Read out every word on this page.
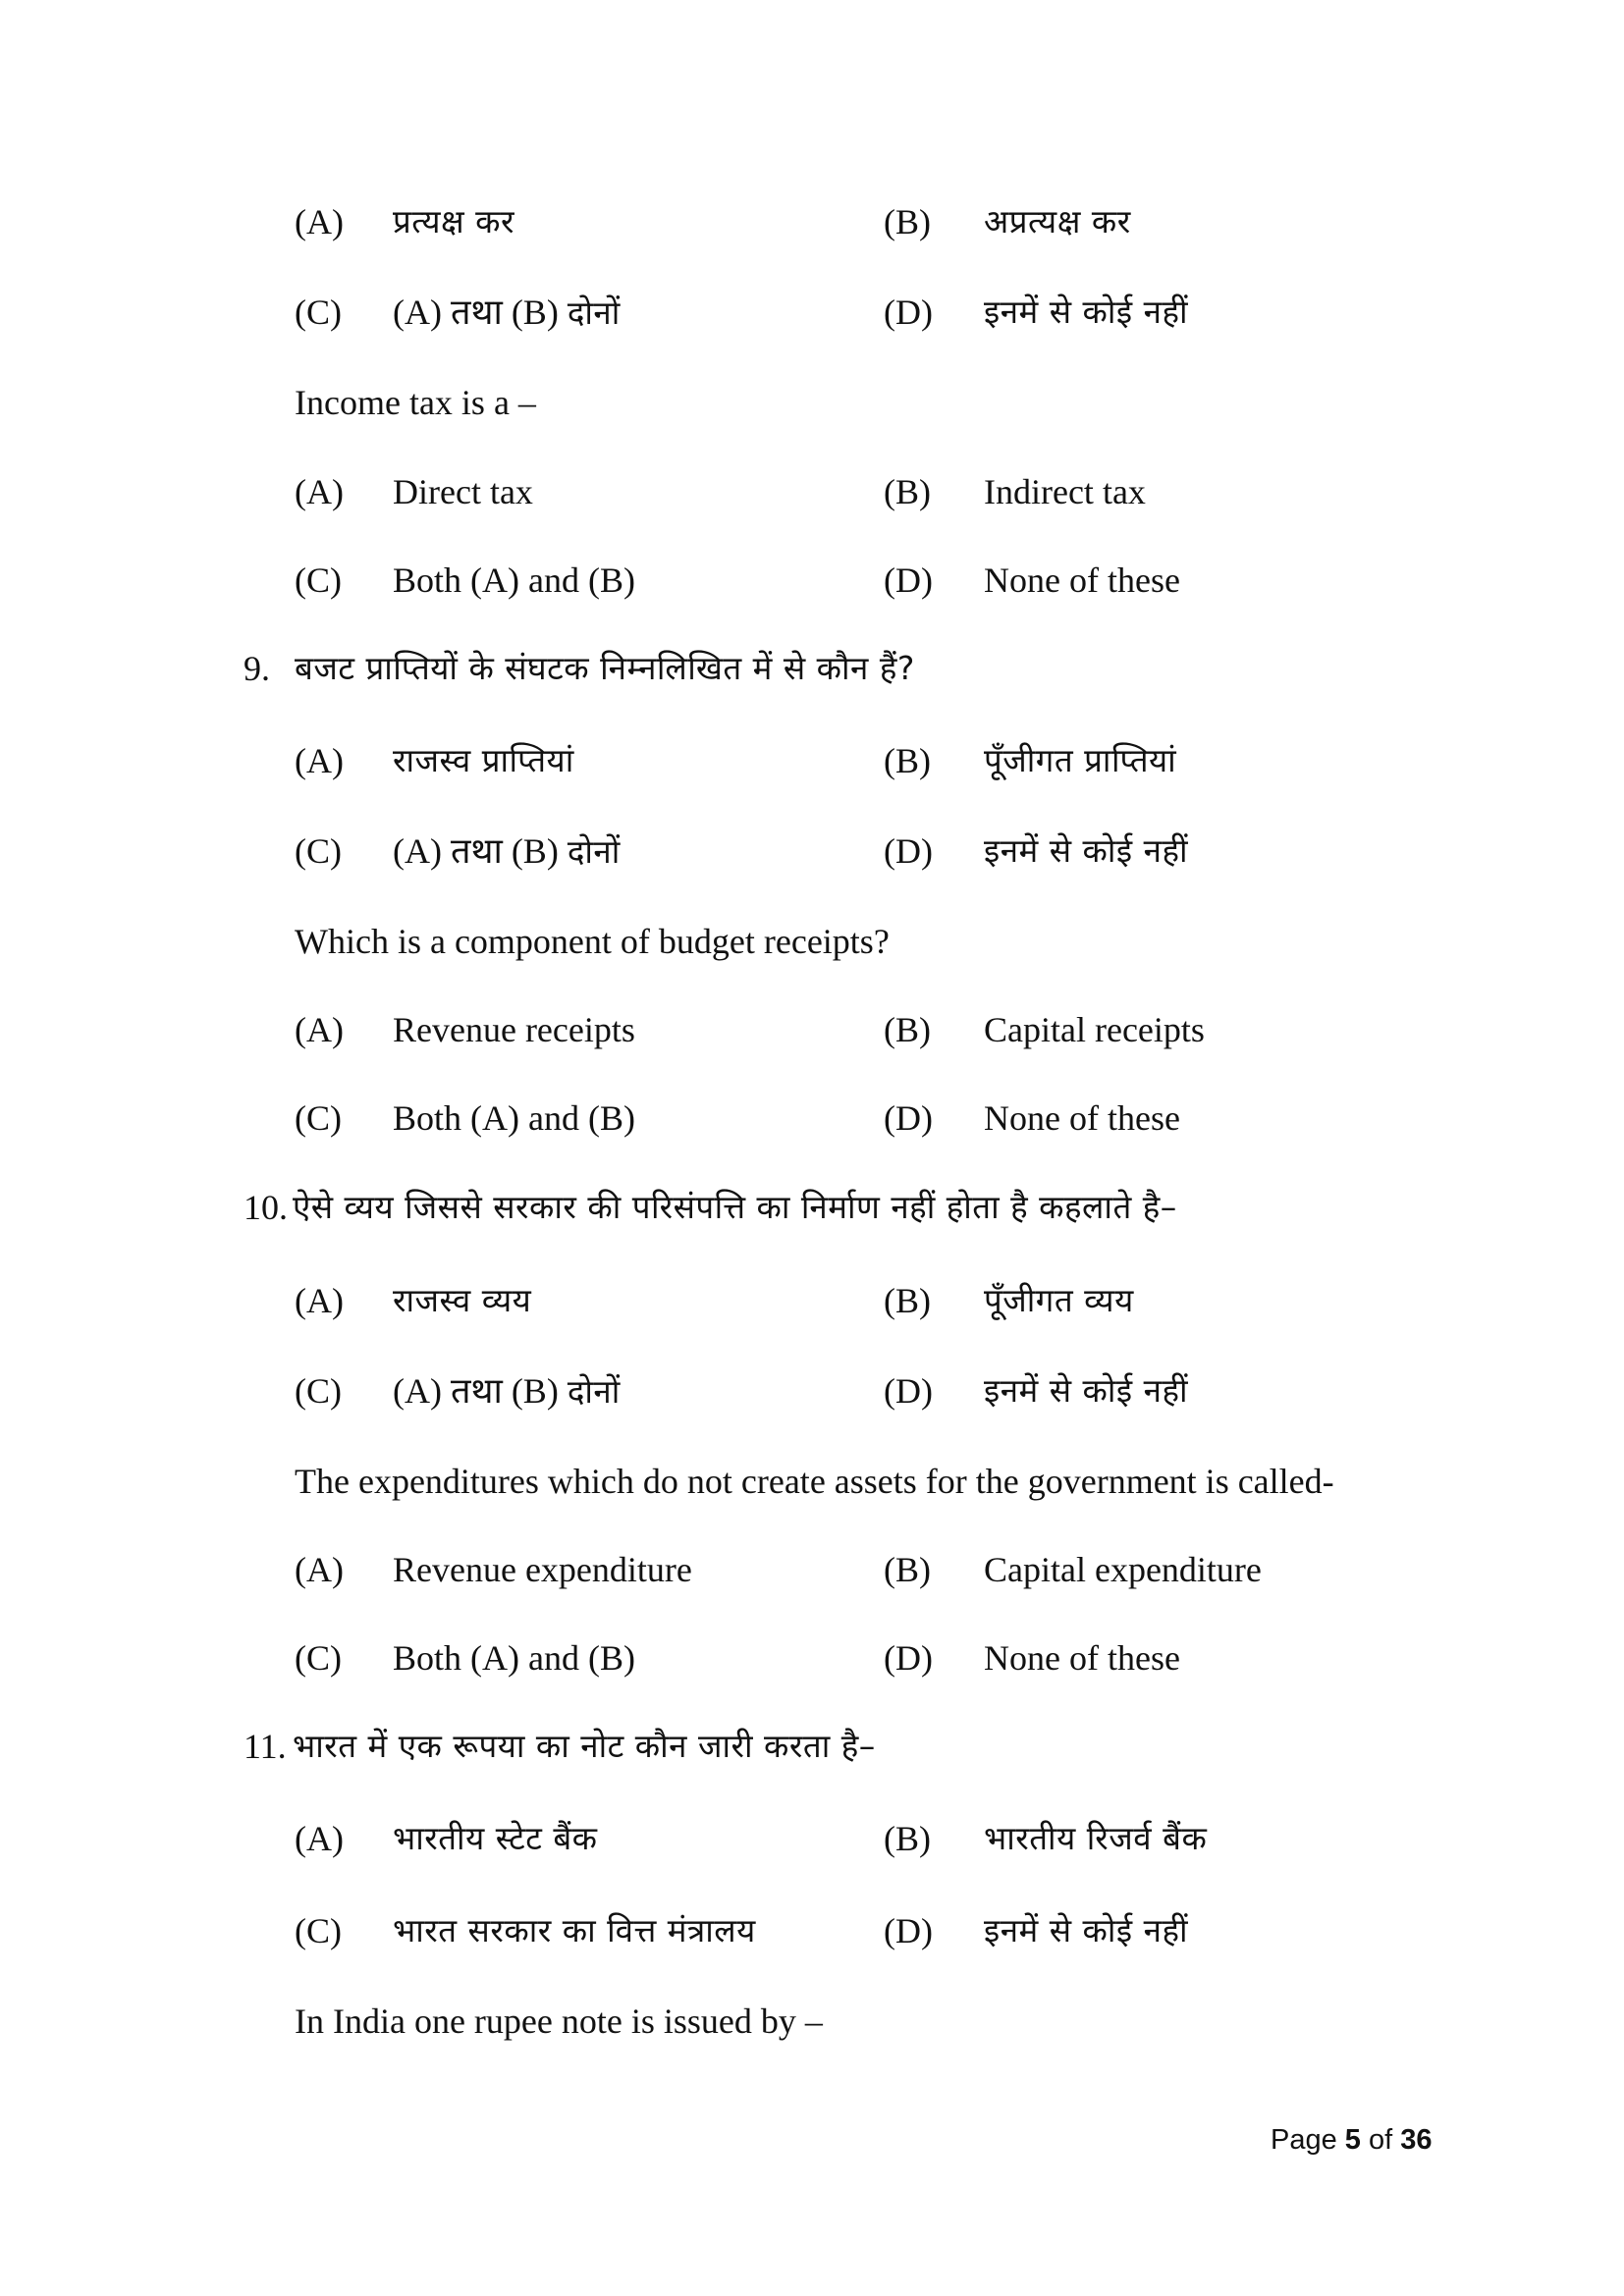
(A) प्रत्यक्ष कर	(B) अप्रत्यक्ष कर
(C) (A) तथा (B) दोनों	(D) इनमें से कोई नहीं
Income tax is a –
(A) Direct tax	(B) Indirect tax
(C) Both (A) and (B)	(D) None of these
9. बजट प्राप्तियों के संघटक निम्नलिखित में से कौन हैं?
(A) राजस्व प्राप्तियां	(B) पूँजीगत प्राप्तियां
(C) (A) तथा (B) दोनों	(D) इनमें से कोई नहीं
Which is a component of budget receipts?
(A) Revenue receipts	(B) Capital receipts
(C) Both (A) and (B)	(D) None of these
10. ऐसे व्यय जिससे सरकार की परिसंपत्ति का निर्माण नहीं होता है कहलाते है–
(A) राजस्व व्यय	(B) पूँजीगत व्यय
(C) (A) तथा (B) दोनों	(D) इनमें से कोई नहीं
The expenditures which do not create assets for the government is called-
(A) Revenue expenditure	(B) Capital expenditure
(C) Both (A) and (B)	(D) None of these
11. भारत में एक रूपया का नोट कौन जारी करता है–
(A) भारतीय स्टेट बैंक	(B) भारतीय रिजर्व बैंक
(C) भारत सरकार का वित्त मंत्रालय	(D) इनमें से कोई नहीं
In India one rupee note is issued by –
Page 5 of 36
